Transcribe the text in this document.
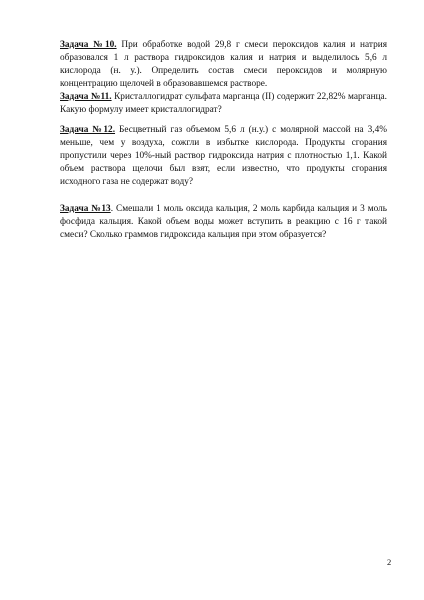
Задача №10. При обработке водой 29,8 г смеси пероксидов калия и натрия образовался 1 л раствора гидроксидов калия и натрия и выделилось 5,6 л кислорода (н. у.). Определить состав смеси пероксидов и молярную концентрацию щелочей в образовавшемся растворе.

Задача №11. Кристаллогидрат сульфата марганца (II) содержит 22,82% марганца. Какую формулу имеет кристаллогидрат?

Задача №12. Бесцветный газ объемом 5,6 л (н.у.) с молярной массой на 3,4% меньше, чем у воздуха, сожгли в избытке кислорода. Продукты сгорания пропустили через 10%-ный раствор гидроксида натрия с плотностью 1,1. Какой объем раствора щелочи был взят, если известно, что продукты сгорания исходного газа не содержат воду?

Задача №13. Смешали 1 моль оксида кальция, 2 моль карбида кальция и 3 моль фосфида кальция. Какой объем воды может вступить в реакцию с 16 г такой смеси? Сколько граммов гидроксида кальция при этом образуется?

2
